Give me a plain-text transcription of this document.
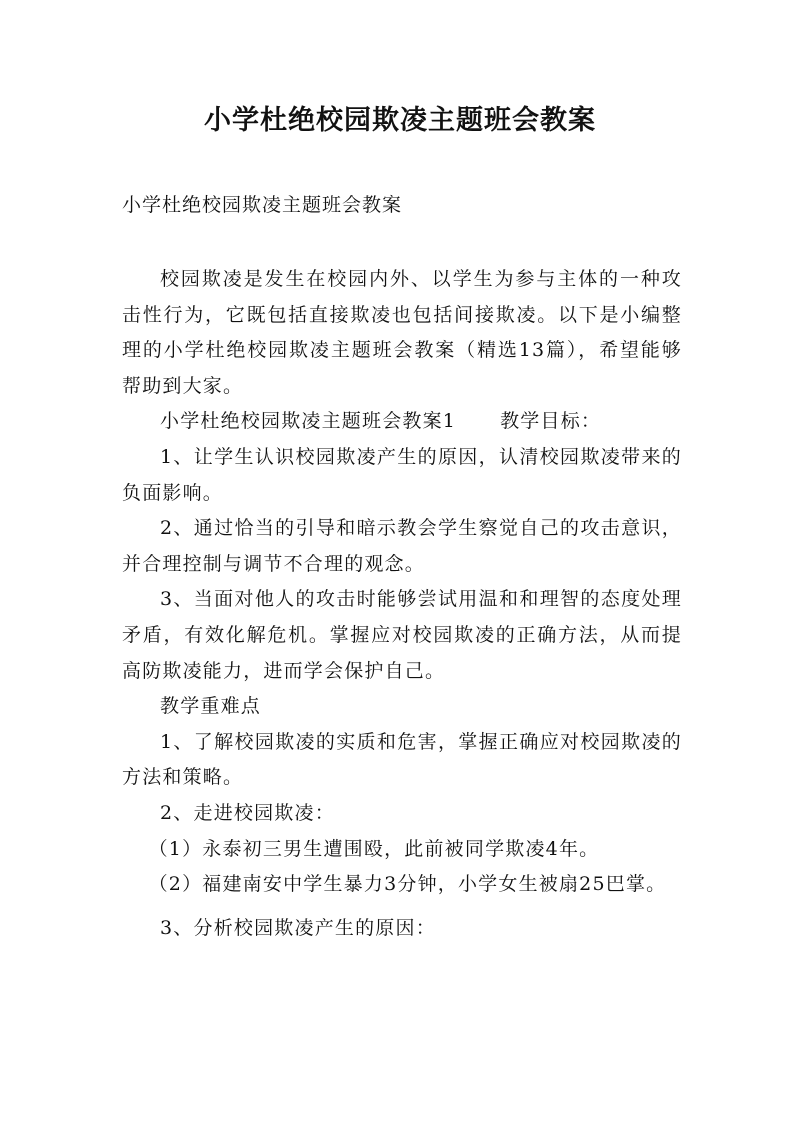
小学杜绝校园欺凌主题班会教案
小学杜绝校园欺凌主题班会教案

校园欺凌是发生在校园内外、以学生为参与主体的一种攻击性行为，它既包括直接欺凌也包括间接欺凌。以下是小编整理的小学杜绝校园欺凌主题班会教案（精选13篇），希望能够帮助到大家。

小学杜绝校园欺凌主题班会教案1 教学目标：

1、让学生认识校园欺凌产生的原因，认清校园欺凌带来的负面影响。

2、通过恰当的引导和暗示教会学生察觉自己的攻击意识，并合理控制与调节不合理的观念。

3、当面对他人的攻击时能够尝试用温和和理智的态度处理矛盾，有效化解危机。掌握应对校园欺凌的正确方法，从而提高防欺凌能力，进而学会保护自己。

教学重难点

1、了解校园欺凌的实质和危害，掌握正确应对校园欺凌的方法和策略。

2、走进校园欺凌：

（1）永泰初三男生遭围殴，此前被同学欺凌4年。

（2）福建南安中学生暴力3分钟，小学女生被扇25巴掌。

3、分析校园欺凌产生的原因：
